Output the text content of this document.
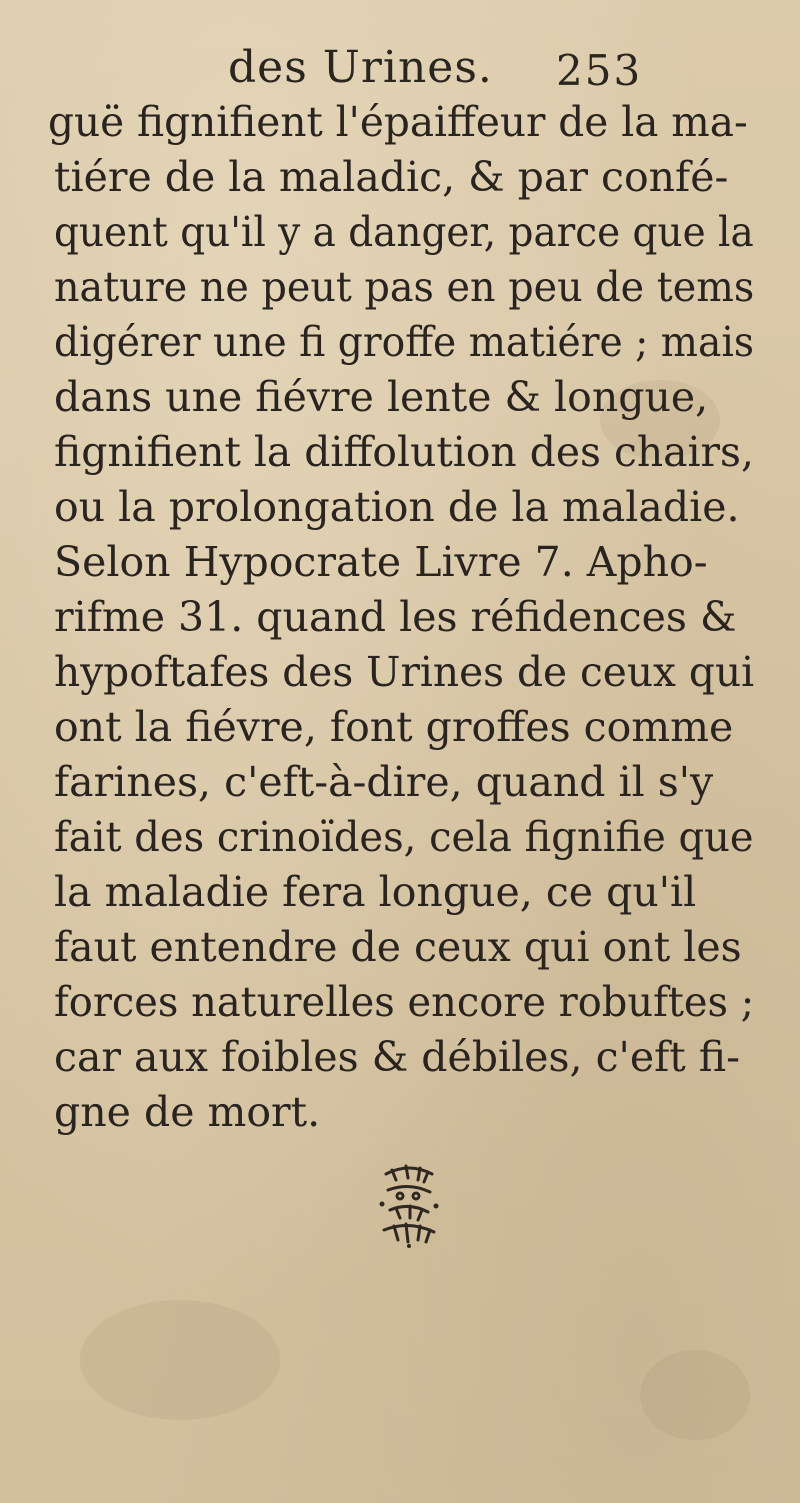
des Urines. 253
guë fignifient l'épaiffeur de la ma-
tiére de la maladic, & par confé-
quent qu'il y a danger, parce que la
nature ne peut pas en peu de tems
digérer une fi groffe matiére ; mais
dans une fiévre lente & longue,
fignifient la diffolution des chairs,
ou la prolongation de la maladie.
Selon Hypocrate Livre 7. Apho-
rifme 31. quand les réfidences &
hypoftafes des Urines de ceux qui
ont la fiévre, font groffes comme
farines, c'eft-à-dire, quand il s'y
fait des crinoïdes, cela fignifie que
la maladie fera longue, ce qu'il
faut entendre de ceux qui ont les
forces naturelles encore robuftes ;
car aux foibles & débiles, c'eft fi-
gne de mort.
